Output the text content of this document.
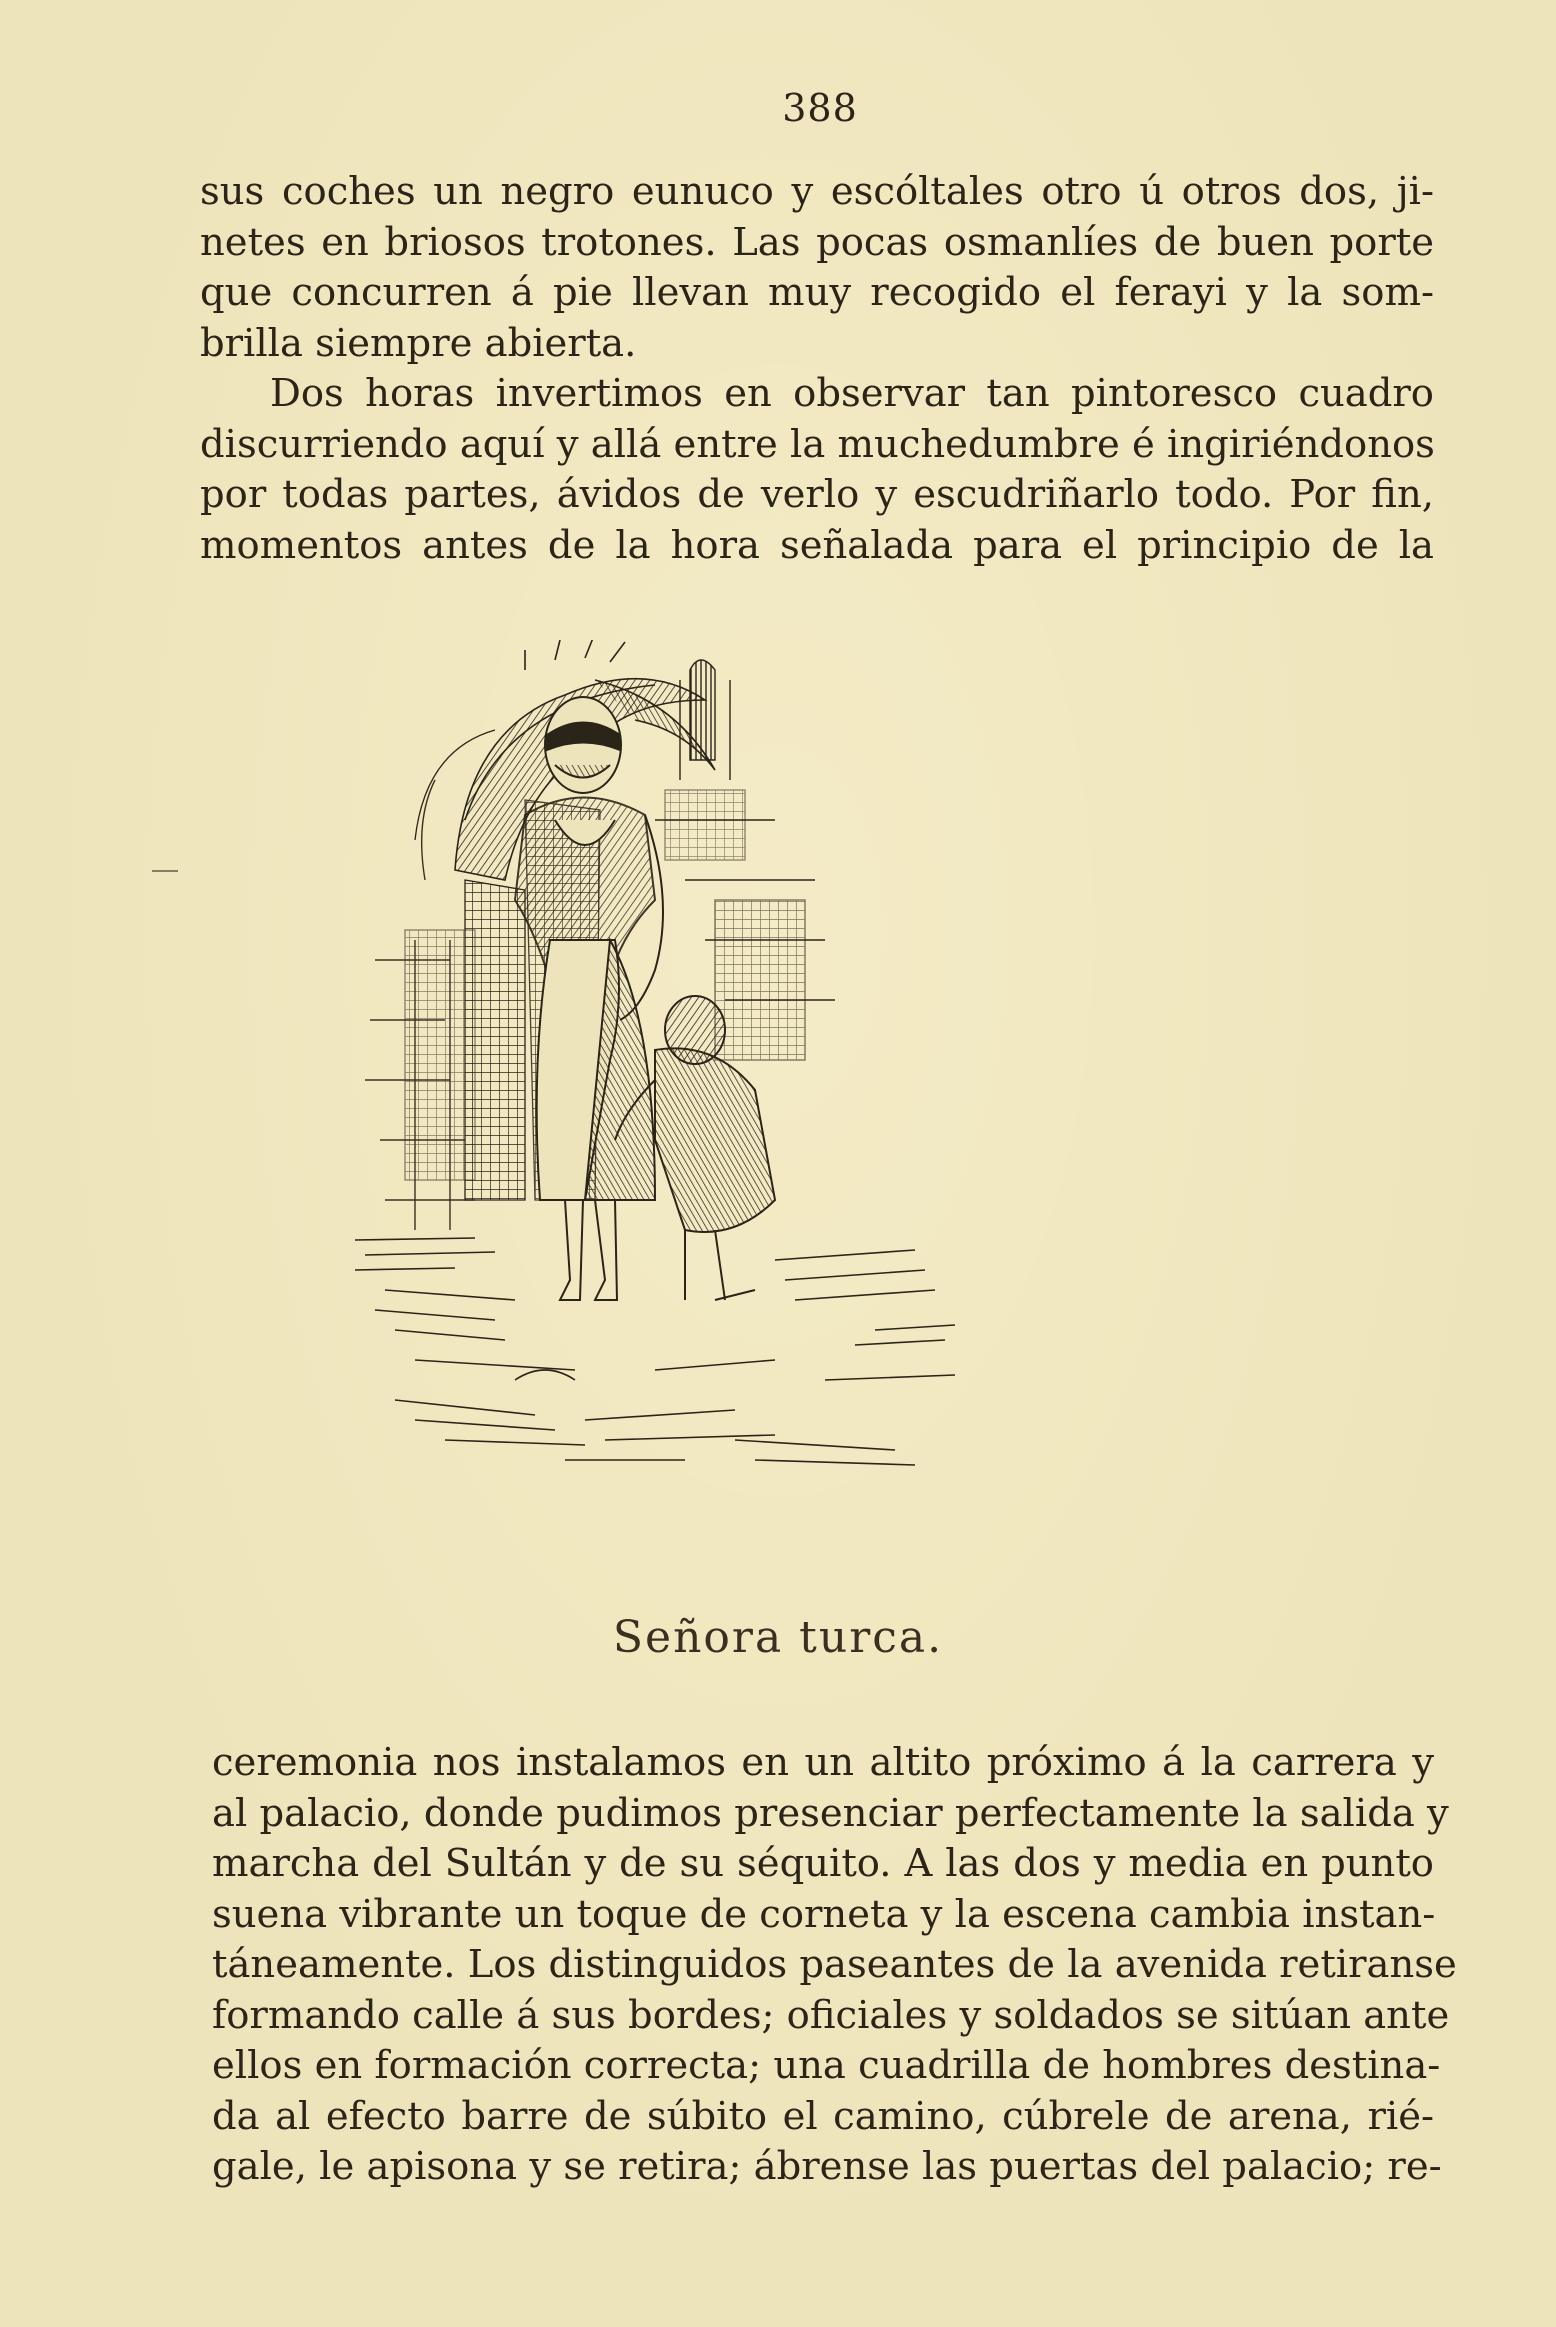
388
sus coches un negro eunuco y escóltales otro ú otros dos, ji-
netes en briosos trotones. Las pocas osmanlíes de buen porte
que concurren á pie llevan muy recogido el ferayi y la som-
brilla siempre abierta.
Dos horas invertimos en observar tan pintoresco cuadro
discurriendo aquí y allá entre la muchedumbre é ingiriéndonos
por todas partes, ávidos de verlo y escudriñarlo todo. Por fin,
momentos antes de la hora señalada para el principio de la
Señora turca.
ceremonia nos instalamos en un altito próximo á la carrera y
al palacio, donde pudimos presenciar perfectamente la salida y
marcha del Sultán y de su séquito. A las dos y media en punto
suena vibrante un toque de corneta y la escena cambia instan-
táneamente. Los distinguidos paseantes de la avenida retiranse
formando calle á sus bordes; oficiales y soldados se sitúan ante
ellos en formación correcta; una cuadrilla de hombres destina-
da al efecto barre de súbito el camino, cúbrele de arena, rié-
gale, le apisona y se retira; ábrense las puertas del palacio; re-
